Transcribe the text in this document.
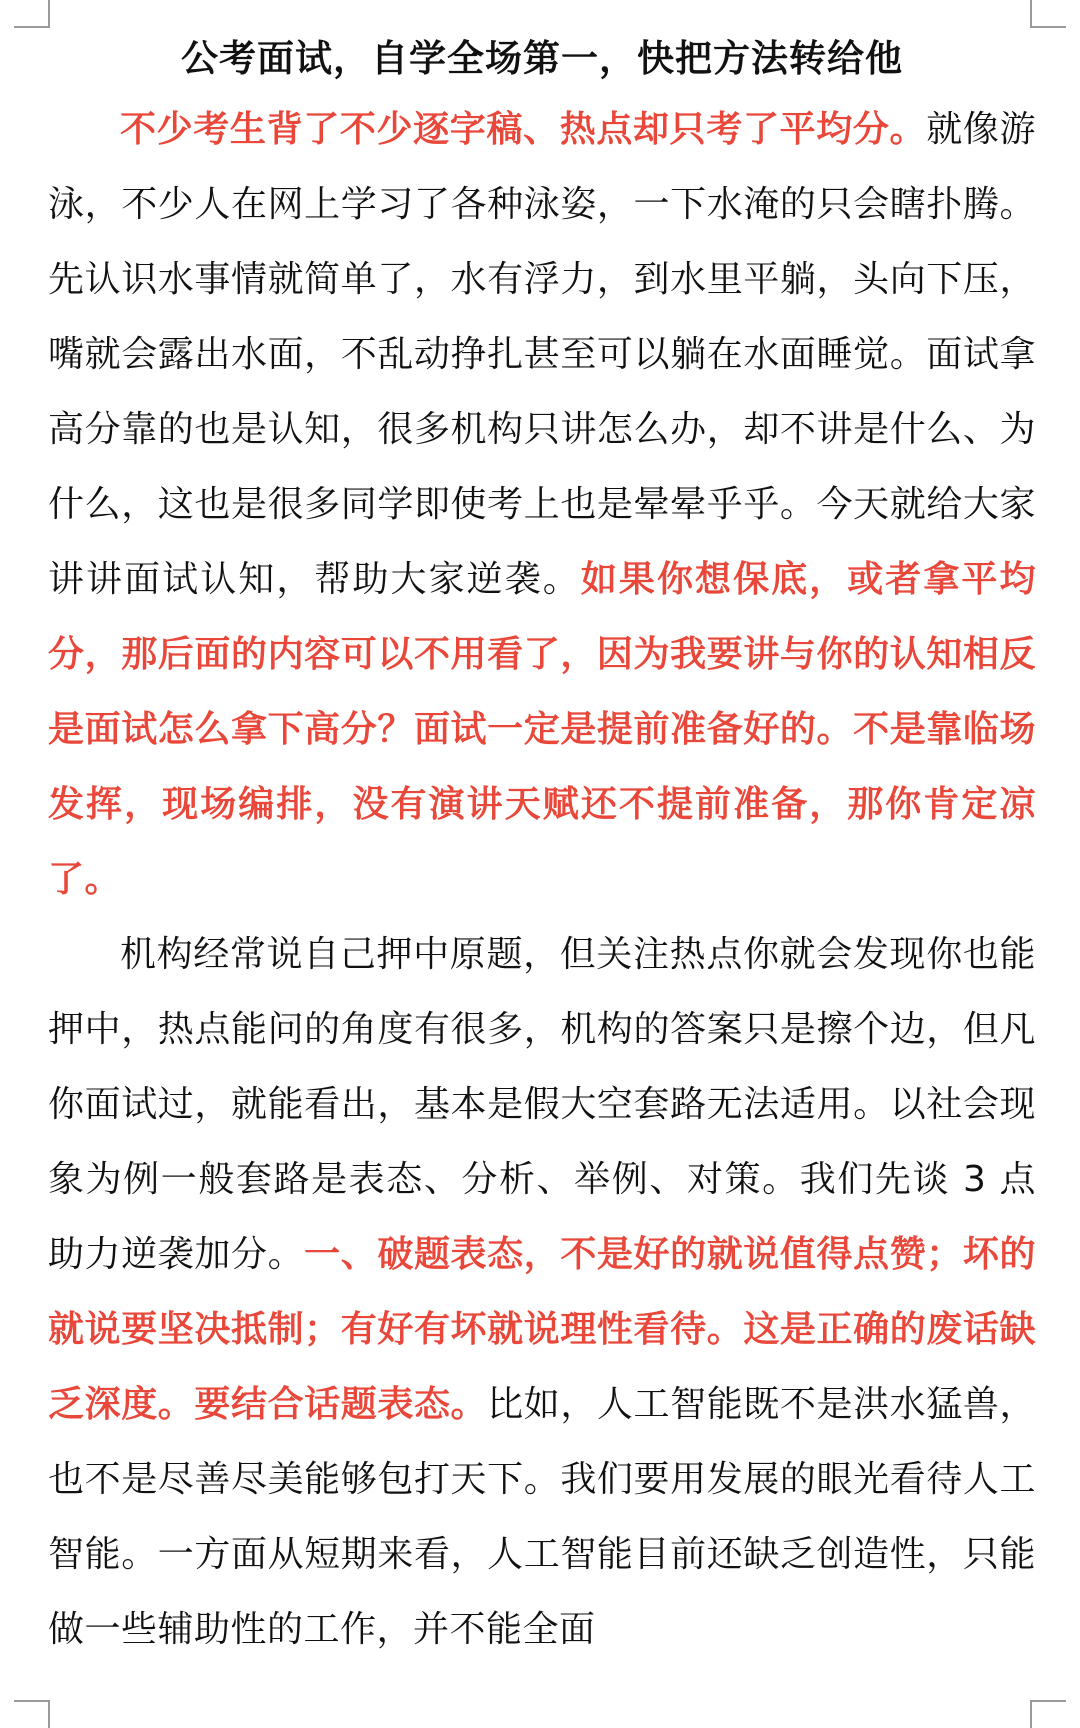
公考面试，自学全场第一，快把方法转给他

不少考生背了不少逐字稿、热点却只考了平均分。就像游泳，不少人在网上学习了各种泳姿，一下水淹的只会瞎扑腾。先认识水事情就简单了，水有浮力，到水里平躺，头向下压，嘴就会露出水面，不乱动挣扎甚至可以躺在水面睡觉。面试拿高分靠的也是认知，很多机构只讲怎么办，却不讲是什么、为什么，这也是很多同学即使考上也是晕晕乎乎。今天就给大家讲讲面试认知，帮助大家逆袭。如果你想保底，或者拿平均分，那后面的内容可以不用看了，因为我要讲与你的认知相反是面试怎么拿下高分？面试一定是提前准备好的。不是靠临场发挥，现场编排，没有演讲天赋还不提前准备，那你肯定凉了。

机构经常说自己押中原题，但关注热点你就会发现你也能押中，热点能问的角度有很多，机构的答案只是擦个边，但凡你面试过，就能看出，基本是假大空套路无法适用。以社会现象为例一般套路是表态、分析、举例、对策。我们先谈 3 点助力逆袭加分。一、破题表态，不是好的就说值得点赞；坏的就说要坚决抵制；有好有坏就说理性看待。这是正确的废话缺乏深度。要结合话题表态。比如，人工智能既不是洪水猛兽，也不是尽善尽美能够包打天下。我们要用发展的眼光看待人工智能。一方面从短期来看，人工智能目前还缺乏创造性，只能做一些辅助性的工作，并不能全面
